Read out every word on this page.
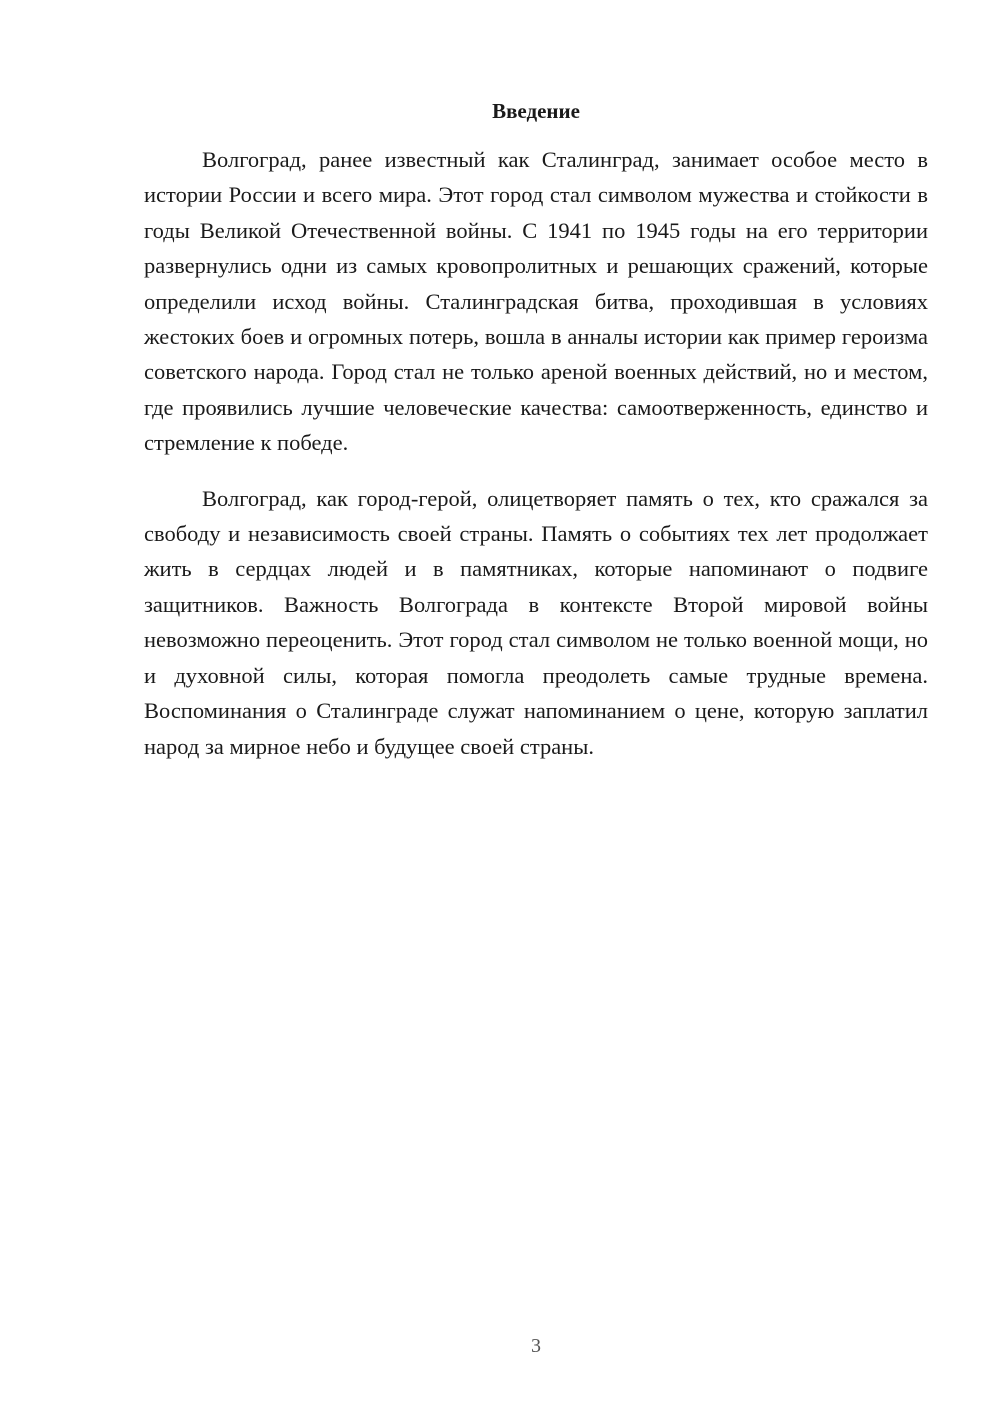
Введение

Волгоград, ранее известный как Сталинград, занимает особое место в истории России и всего мира. Этот город стал символом мужества и стойкости в годы Великой Отечественной войны. С 1941 по 1945 годы на его территории развернулись одни из самых кровопролитных и решающих сражений, которые определили исход войны. Сталинградская битва, проходившая в условиях жестоких боев и огромных потерь, вошла в анналы истории как пример героизма советского народа. Город стал не только ареной военных действий, но и местом, где проявились лучшие человеческие качества: самоотверженность, единство и стремление к победе.

Волгоград, как город-герой, олицетворяет память о тех, кто сражался за свободу и независимость своей страны. Память о событиях тех лет продолжает жить в сердцах людей и в памятниках, которые напоминают о подвиге защитников. Важность Волгограда в контексте Второй мировой войны невозможно переоценить. Этот город стал символом не только военной мощи, но и духовной силы, которая помогла преодолеть самые трудные времена. Воспоминания о Сталинграде служат напоминанием о цене, которую заплатил народ за мирное небо и будущее своей страны.

3
